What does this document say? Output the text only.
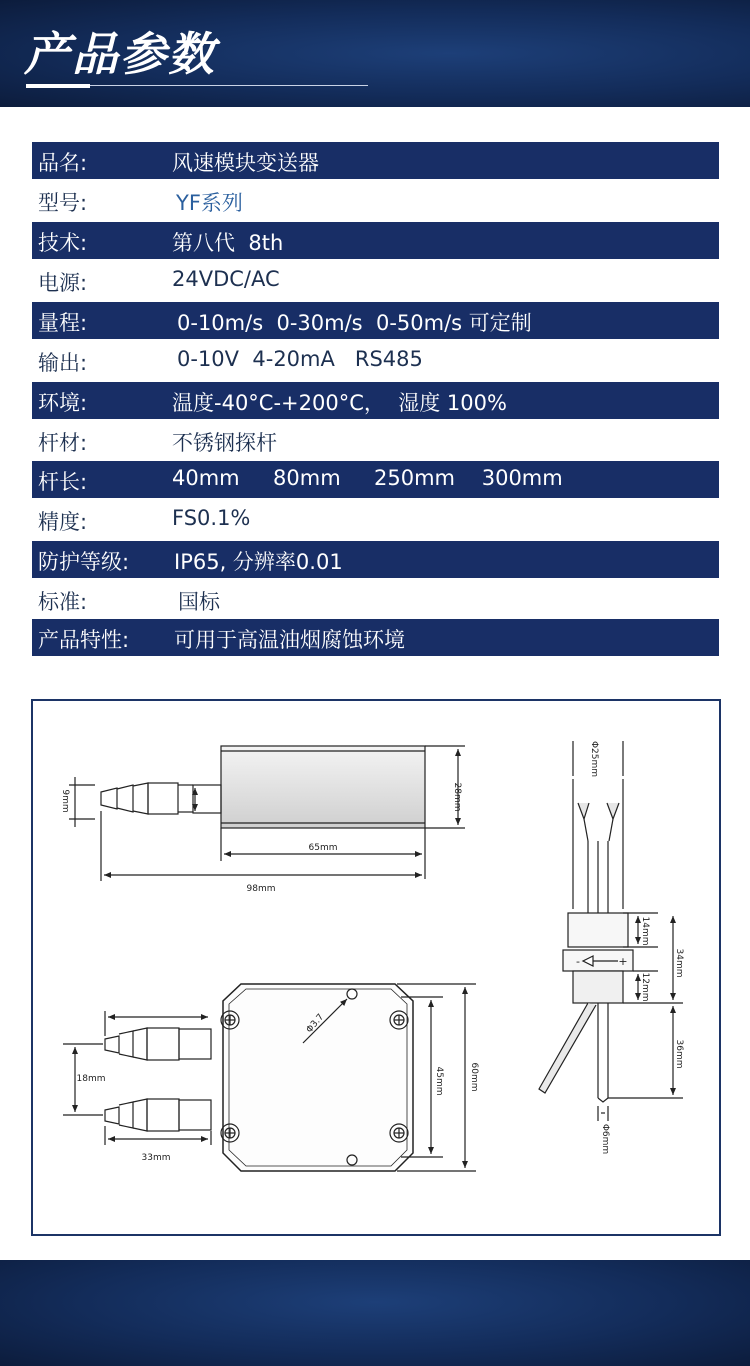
产品参数
品名:	风速模块变送器
型号:	YF系列
技术:	第八代  8th
电源:	24VDC/AC
量程:	0-10m/s  0-30m/s  0-50m/s 可定制
输出:	0-10V  4-20mA   RS485
环境:	温度-40°C-+200°C，  湿度 100%
杆材:	不锈钢探杆
杆长:	40mm     80mm     250mm    300mm
精度:	FS0.1%
防护等级: IP65, 分辨率0.01
标准:	国标
产品特性: 可用于高温油烟腐蚀环境
9mm	28mm
65mm
98mm
18mm
33mm
45mm	60mm
Φ3.7
Φ25mm
14mm
34mm
12mm
36mm
Φ6mm
-	+
